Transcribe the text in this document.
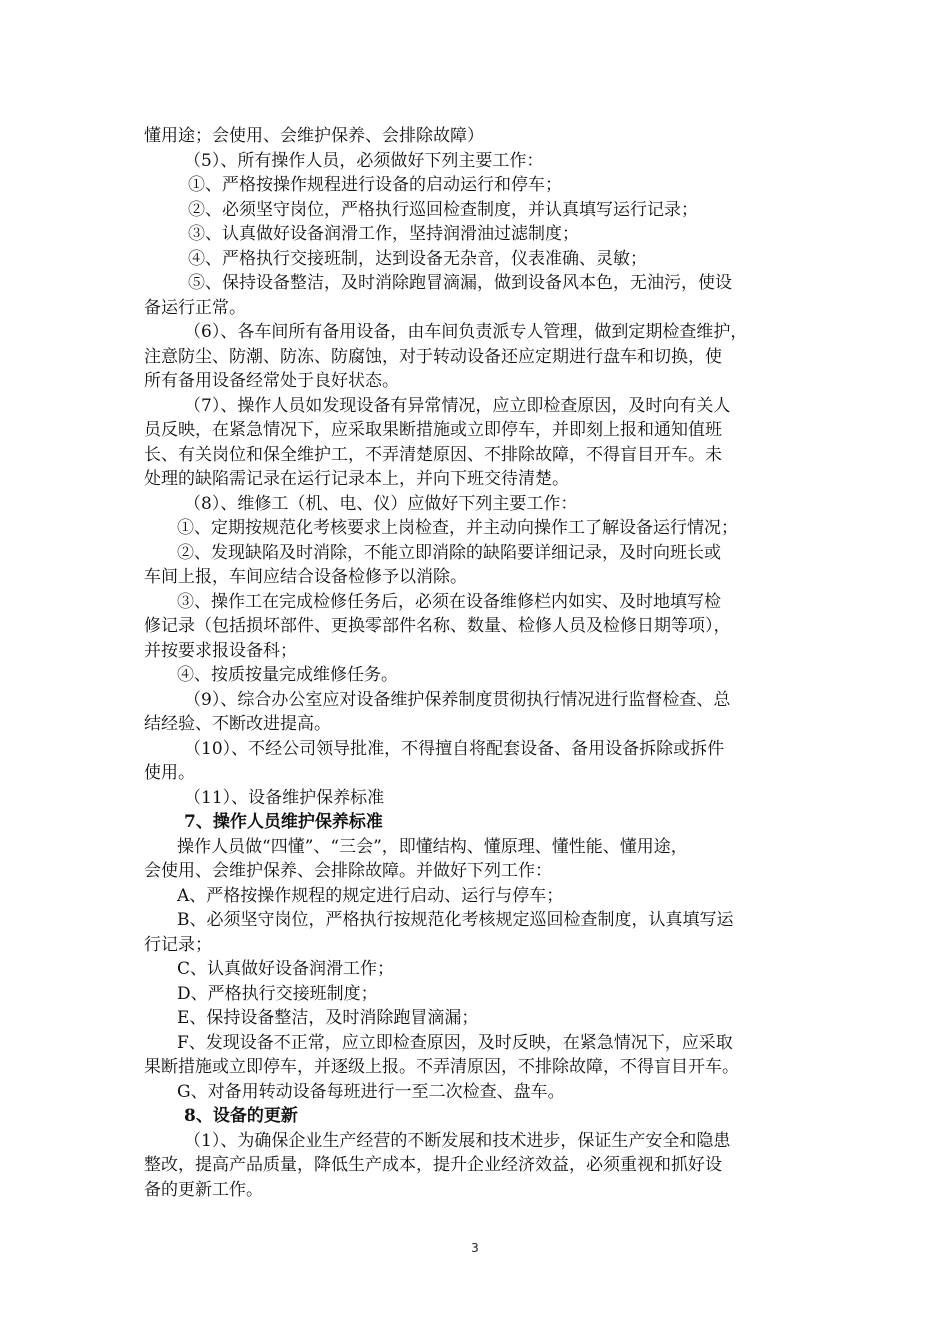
懂用途；会使用、会维护保养、会排除故障）
（5）、所有操作人员，必须做好下列主要工作：
①、严格按操作规程进行设备的启动运行和停车；
②、必须坚守岗位，严格执行巡回检查制度，并认真填写运行记录；
③、认真做好设备润滑工作，坚持润滑油过滤制度；
④、严格执行交接班制，达到设备无杂音，仪表准确、灵敏；
⑤、保持设备整洁，及时消除跑冒滴漏，做到设备风本色，无油污，使设
备运行正常。
（6）、各车间所有备用设备，由车间负责派专人管理，做到定期检查维护，
注意防尘、防潮、防冻、防腐蚀，对于转动设备还应定期进行盘车和切换，使
所有备用设备经常处于良好状态。
（7）、操作人员如发现设备有异常情况，应立即检查原因，及时向有关人
员反映，在紧急情况下，应采取果断措施或立即停车，并即刻上报和通知值班
长、有关岗位和保全维护工，不弄清楚原因、不排除故障，不得盲目开车。未
处理的缺陷需记录在运行记录本上，并向下班交待清楚。
（8）、维修工（机、电、仪）应做好下列主要工作：
①、定期按规范化考核要求上岗检查，并主动向操作工了解设备运行情况；
②、发现缺陷及时消除，不能立即消除的缺陷要详细记录，及时向班长或
车间上报，车间应结合设备检修予以消除。
③、操作工在完成检修任务后，必须在设备维修栏内如实、及时地填写检
修记录（包括损坏部件、更换零部件名称、数量、检修人员及检修日期等项），
并按要求报设备科；
④、按质按量完成维修任务。
（9）、综合办公室应对设备维护保养制度贯彻执行情况进行监督检查、总
结经验、不断改进提高。
（10）、不经公司领导批准，不得擅自将配套设备、备用设备拆除或拆件
使用。
（11）、设备维护保养标准
7、操作人员维护保养标准
操作人员做“四懂”、“三会”，即懂结构、懂原理、懂性能、懂用途，
会使用、会维护保养、会排除故障。并做好下列工作：
A、严格按操作规程的规定进行启动、运行与停车；
B、必须坚守岗位，严格执行按规范化考核规定巡回检查制度，认真填写运
行记录；
C、认真做好设备润滑工作；
D、严格执行交接班制度；
E、保持设备整洁，及时消除跑冒滴漏；
F、发现设备不正常，应立即检查原因，及时反映，在紧急情况下，应采取
果断措施或立即停车，并逐级上报。不弄清原因，不排除故障，不得盲目开车。
G、对备用转动设备每班进行一至二次检查、盘车。
8、设备的更新
（1）、为确保企业生产经营的不断发展和技术进步，保证生产安全和隐患
整改，提高产品质量，降低生产成本，提升企业经济效益，必须重视和抓好设
备的更新工作。
3
